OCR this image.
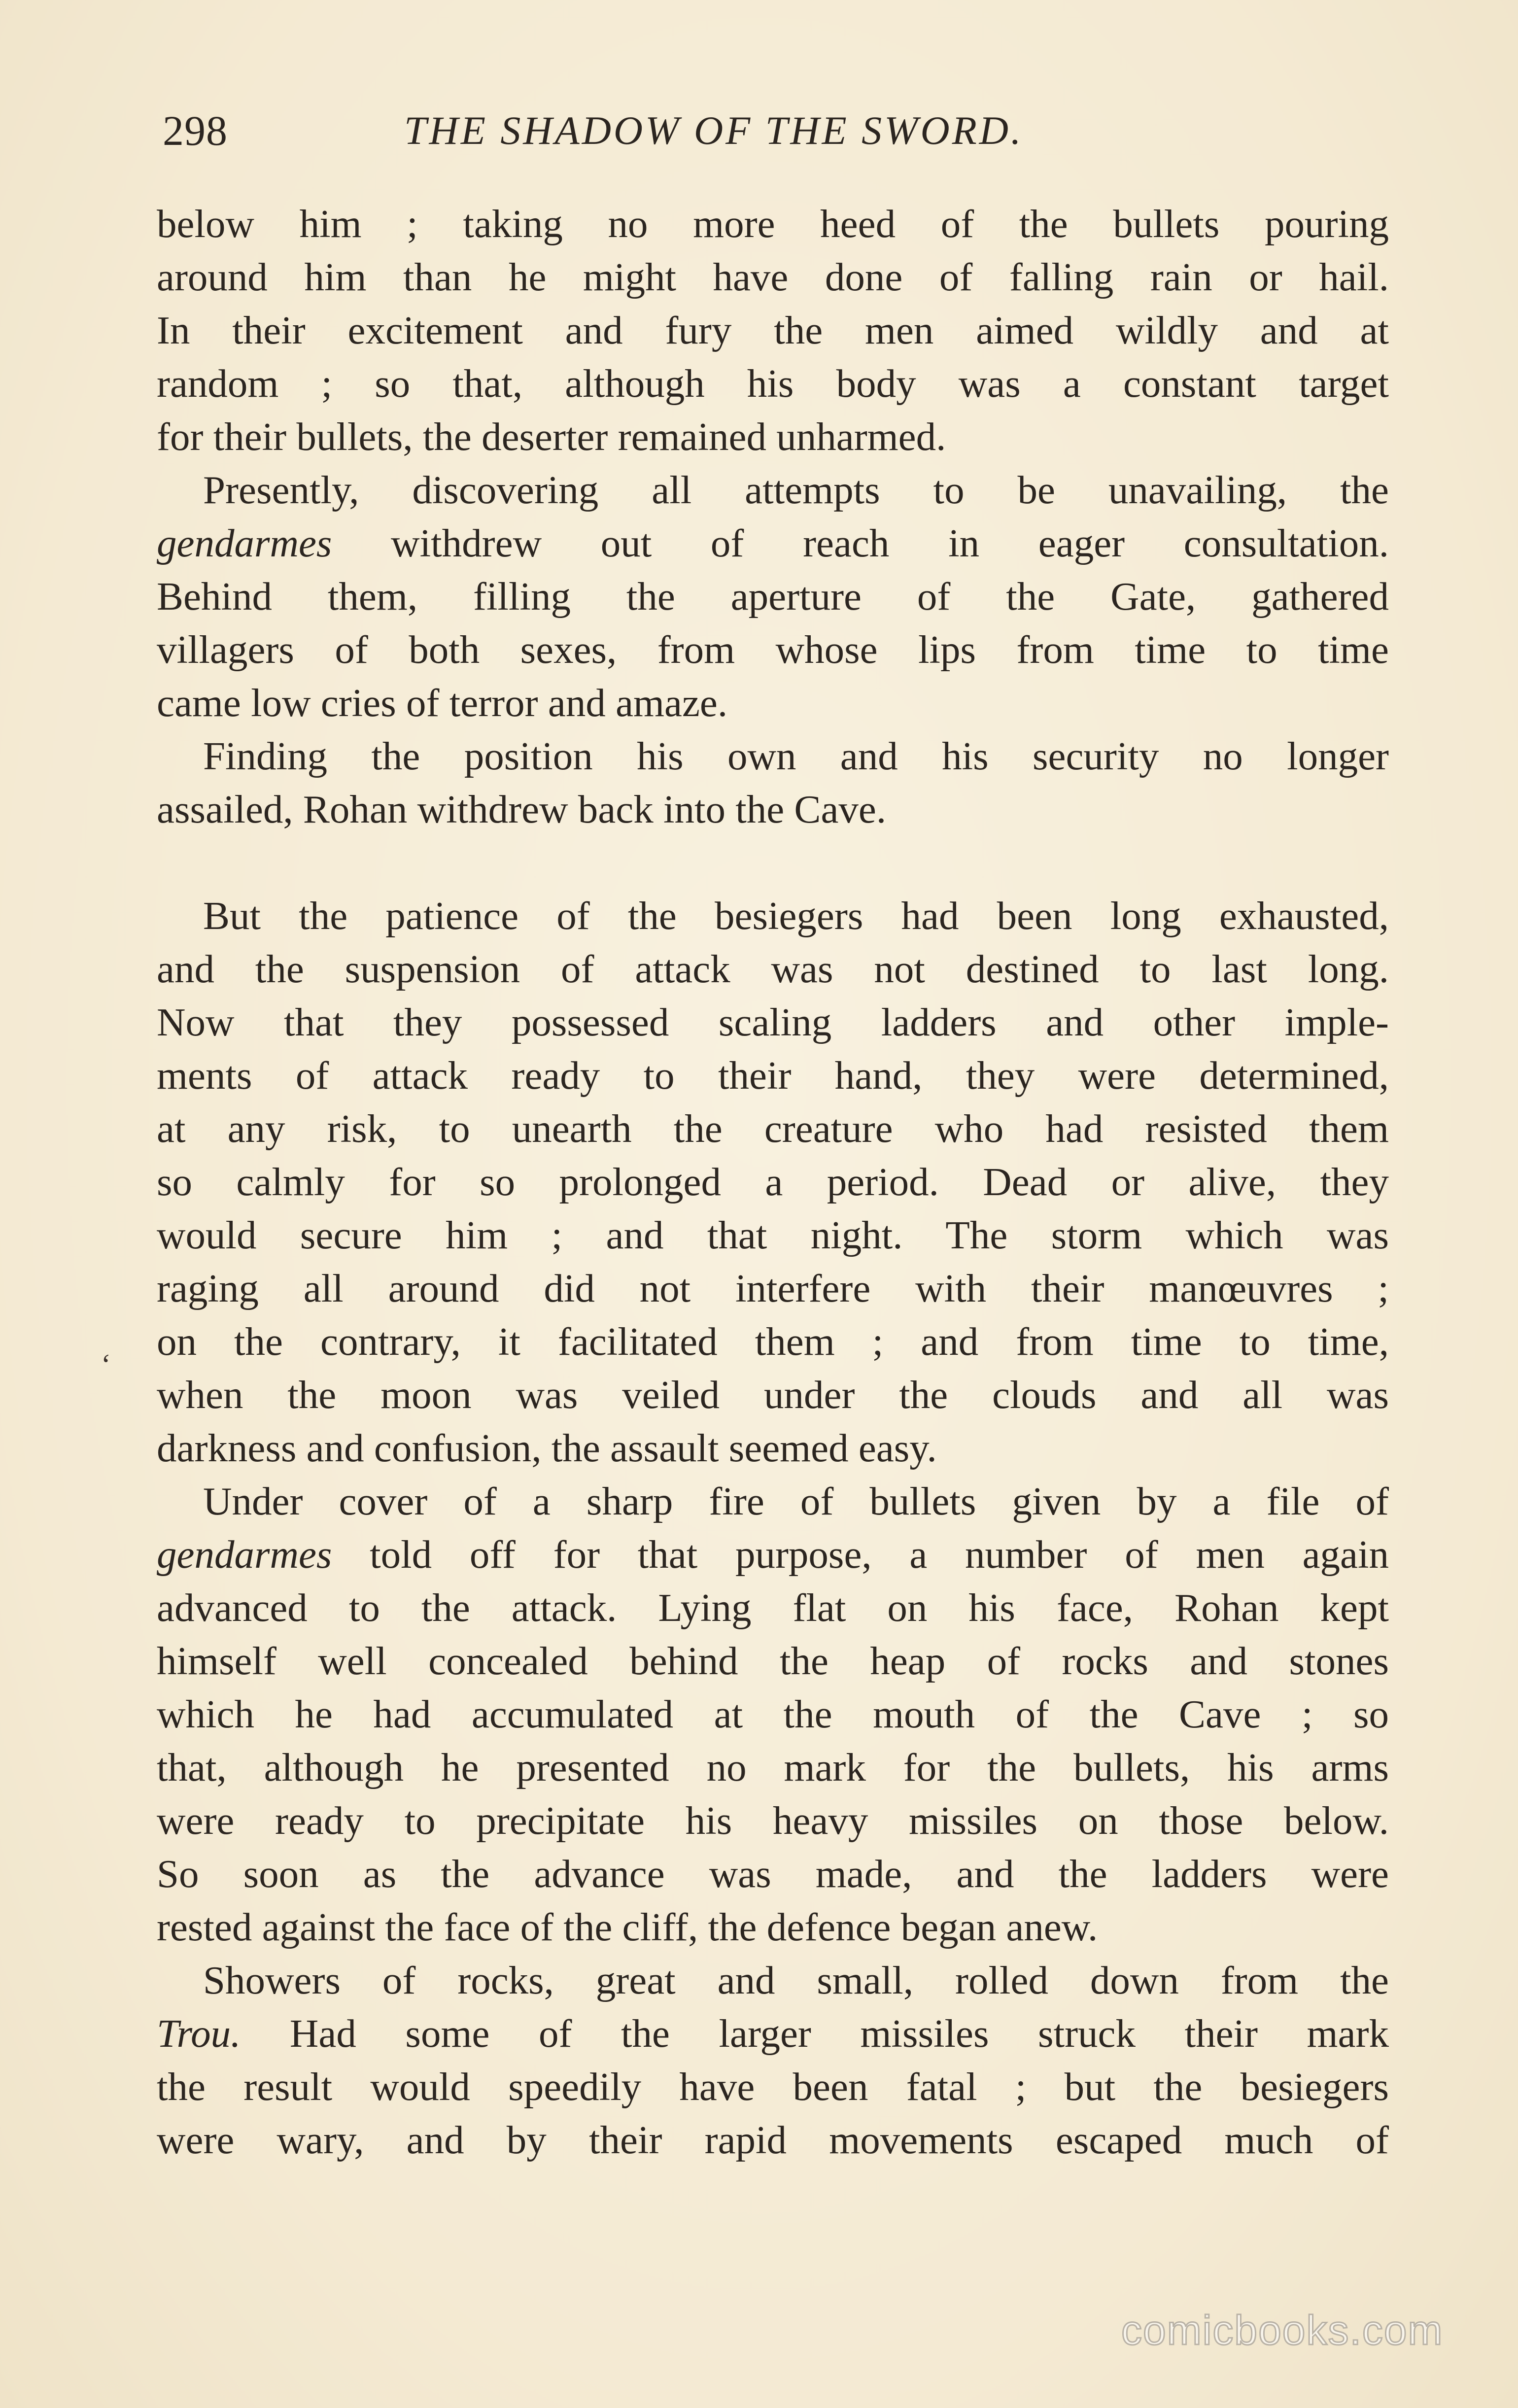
298	THE SHADOW OF THE SWORD.
‘
below him ; taking no more heed of the bullets pouring
around him than he might have done of falling rain or hail.
In their excitement and fury the men aimed wildly and at
random ; so that, although his body was a constant target
for their bullets, the deserter remained unharmed.
Presently, discovering all attempts to be unavailing, the
gendarmes withdrew out of reach in eager consultation.
Behind them, filling the aperture of the Gate, gathered
villagers of both sexes, from whose lips from time to time
came low cries of terror and amaze.
Finding the position his own and his security no longer
assailed, Rohan withdrew back into the Cave.
But the patience of the besiegers had been long exhausted,
and the suspension of attack was not destined to last long.
Now that they possessed scaling ladders and other imple-
ments of attack ready to their hand, they were determined,
at any risk, to unearth the creature who had resisted them
so calmly for so prolonged a period. Dead or alive, they
would secure him ; and that night. The storm which was
raging all around did not interfere with their manœuvres ;
on the contrary, it facilitated them ; and from time to time,
when the moon was veiled under the clouds and all was
darkness and confusion, the assault seemed easy.
Under cover of a sharp fire of bullets given by a file of
gendarmes told off for that purpose, a number of men again
advanced to the attack. Lying flat on his face, Rohan kept
himself well concealed behind the heap of rocks and stones
which he had accumulated at the mouth of the Cave ; so
that, although he presented no mark for the bullets, his arms
were ready to precipitate his heavy missiles on those below.
So soon as the advance was made, and the ladders were
rested against the face of the cliff, the defence began anew.
Showers of rocks, great and small, rolled down from the
Trou. Had some of the larger missiles struck their mark
the result would speedily have been fatal ; but the besiegers
were wary, and by their rapid movements escaped much of
comicbooks.com
